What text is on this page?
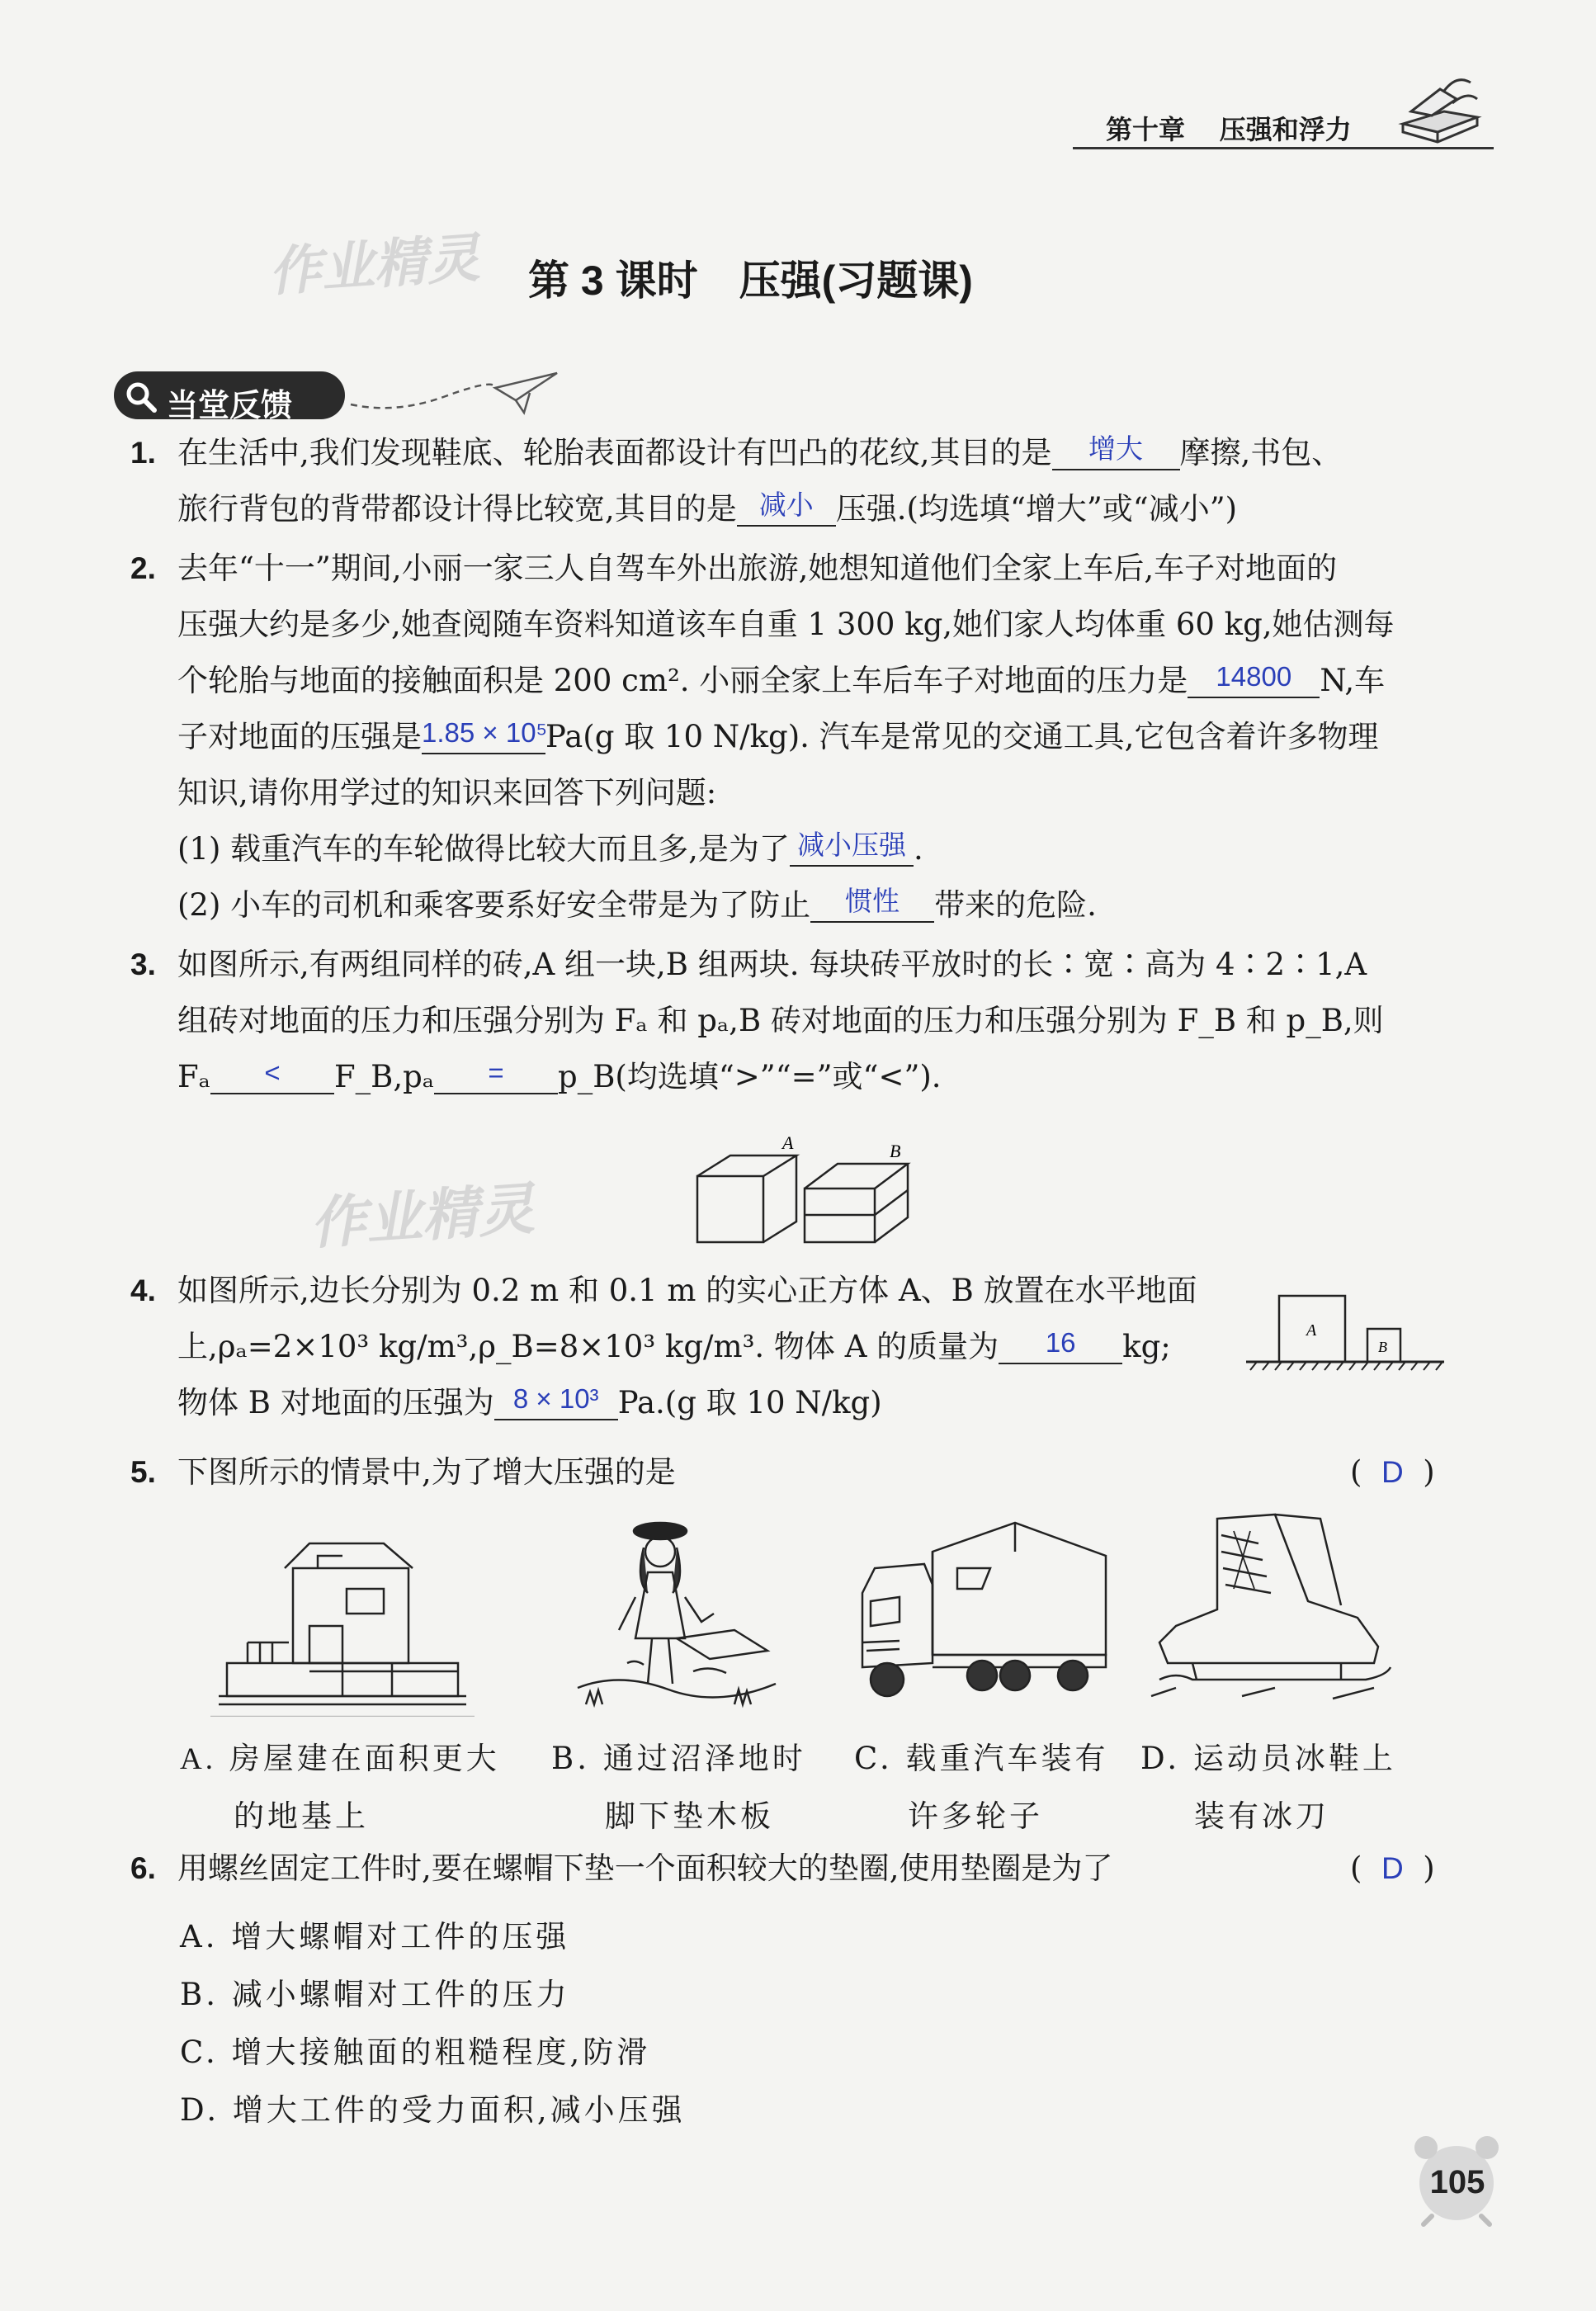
第十章 压强和浮力
作业精灵
作业精灵
第 3 课时　压强(习题课)
当堂反馈
1. 在生活中,我们发现鞋底、轮胎表面都设计有凹凸的花纹,其目的是 增大 摩擦,书包、
旅行背包的背带都设计得比较宽,其目的是 减小 压强.(均选填“增大”或“减小”)
2. 去年“十一”期间,小丽一家三人自驾车外出旅游,她想知道他们全家上车后,车子对地面的
压强大约是多少,她查阅随车资料知道该车自重 1 300 kg,她们家人均体重 60 kg,她估测每
个轮胎与地面的接触面积是 200 cm². 小丽全家上车后车子对地面的压力是 14800 N,车
子对地面的压强是1.85 × 10⁵Pa(g 取 10 N/kg). 汽车是常见的交通工具,它包含着许多物理
知识,请你用学过的知识来回答下列问题:
(1) 载重汽车的车轮做得比较大而且多,是为了 减小压强 .
(2) 小车的司机和乘客要系好安全带是为了防止 惯性 带来的危险.
3. 如图所示,有两组同样的砖,A 组一块,B 组两块. 每块砖平放时的长∶宽∶高为 4∶2∶1,A
组砖对地面的压力和压强分别为 Fₐ 和 pₐ,B 砖对地面的压力和压强分别为 F_B 和 p_B,则
Fₐ < F_B,pₐ = p_B(均选填“>”“=”或“<”).
A	B
4. 如图所示,边长分别为 0.2 m 和 0.1 m 的实心正方体 A、B 放置在水平地面
上,ρₐ=2×10³ kg/m³,ρ_B=8×10³ kg/m³. 物体 A 的质量为 16 kg;
物体 B 对地面的压强为 8 × 10³ Pa.(g 取 10 N/kg)
A
B
5. 下图所示的情景中,为了增大压强的是	(  D  )
A. 房屋建在面积更大
的地基上
B. 通过沼泽地时
脚下垫木板
C. 载重汽车装有
许多轮子
D. 运动员冰鞋上
装有冰刀
6. 用螺丝固定工件时,要在螺帽下垫一个面积较大的垫圈,使用垫圈是为了	(  D  )
A. 增大螺帽对工件的压强
B. 减小螺帽对工件的压力
C. 增大接触面的粗糙程度,防滑
D. 增大工件的受力面积,减小压强
105
